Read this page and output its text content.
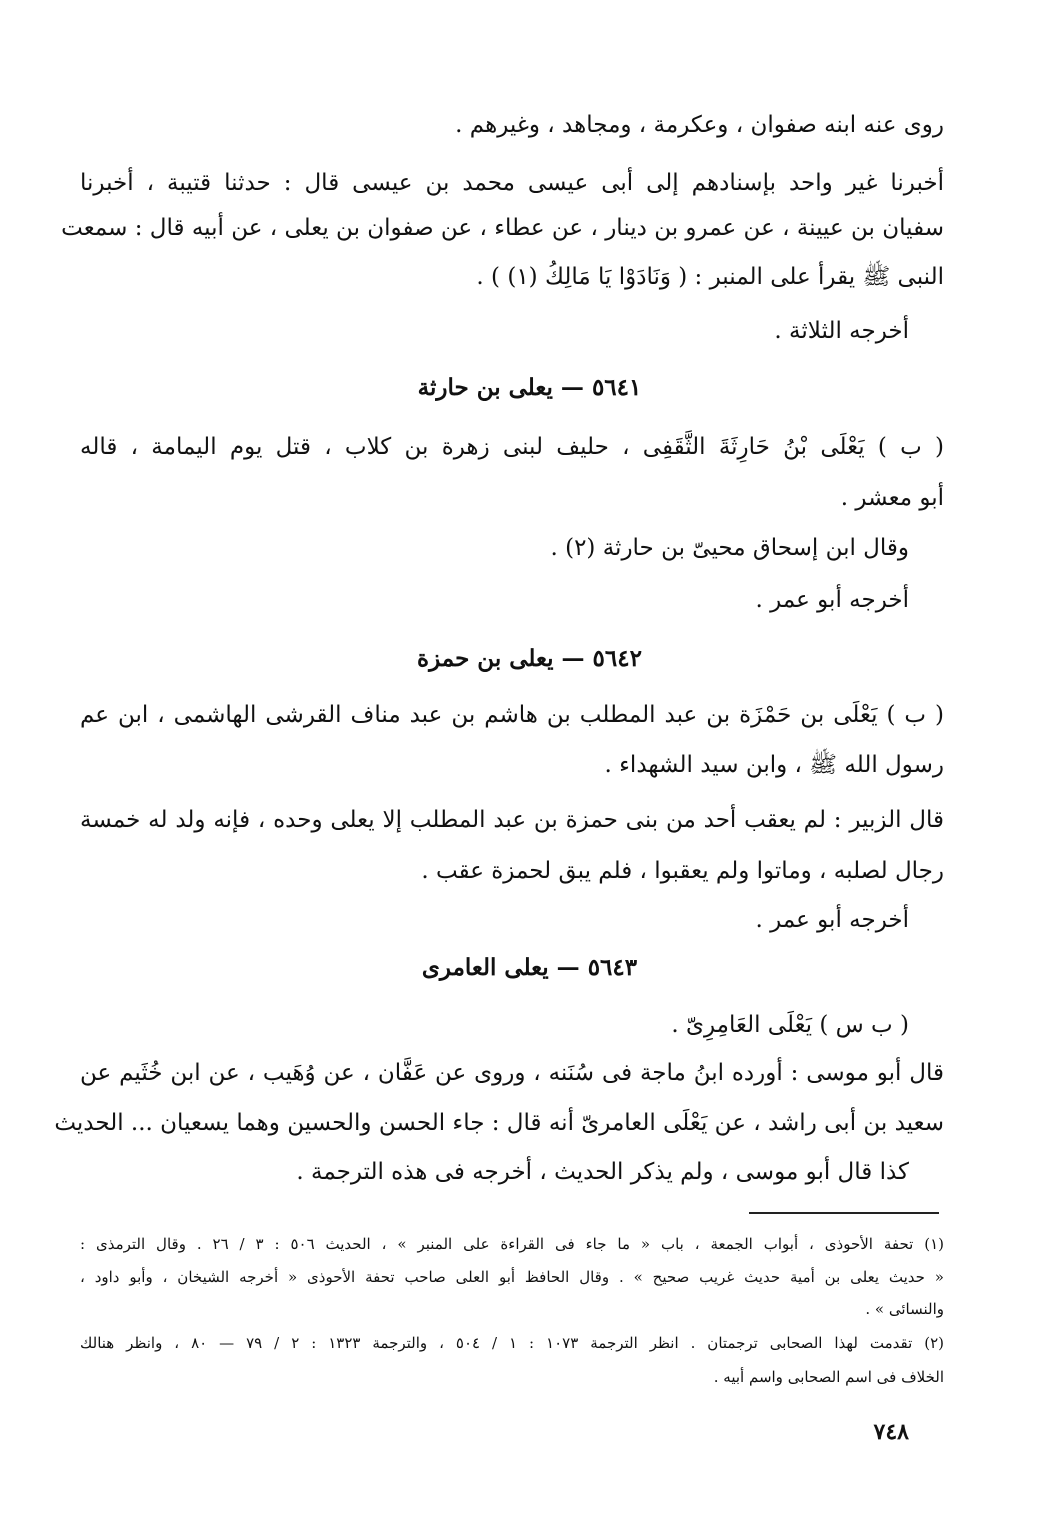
روى عنه ابنه صفوان ، وعكرمة ، ومجاهد ، وغيرهم .

أخبرنا غير واحد بإسنادهم إلى أبى عيسى محمد بن عيسى قال : حدثنا قتيبة ، أخبرنا

سفيان بن عيينة ، عن عمرو بن دينار ، عن عطاء ، عن صفوان بن يعلى ، عن أبيه قال : سمعت

النبى ﷺ يقرأ على المنبر : ( وَنَادَوْا يَا مَالِكُ (١) ) .

أخرجه الثلاثة .

٥٦٤١ — يعلى بن حارثة

( ب ) يَعْلَى بْنُ حَارِثَةَ الثَّقَفِى ، حليف لبنى زهرة بن كلاب ، قتل يوم اليمامة ، قاله

أبو معشر .

وقال ابن إسحاق محيىّ بن حارثة (٢) .

أخرجه أبو عمر .

٥٦٤٢ — يعلى بن حمزة

( ب ) يَعْلَى بن حَمْزَة بن عبد المطلب بن هاشم بن عبد مناف القرشى الهاشمى ، ابن عم

رسول الله ﷺ ، وابن سيد الشهداء .

قال الزبير : لم يعقب أحد من بنى حمزة بن عبد المطلب إلا يعلى وحده ، فإنه ولد له خمسة

رجال لصلبه ، وماتوا ولم يعقبوا ، فلم يبق لحمزة عقب .

أخرجه أبو عمر .

٥٦٤٣ — يعلى العامرى

( ب س ) يَعْلَى العَامِرِىّ .

قال أبو موسى : أورده ابنُ ماجة فى سُنَنه ، وروى عن عَفَّان ، عن وُهَيب ، عن ابن خُثَيم عن

سعيد بن أبى راشد ، عن يَعْلَى العامرىّ أنه قال : جاء الحسن والحسين وهما يسعيان ... الحديث

كذا قال أبو موسى ، ولم يذكر الحديث ، أخرجه فى هذه الترجمة .

(١) تحفة الأحوذى ، أبواب الجمعة ، باب « ما جاء فى القراءة على المنبر » ، الحديث ٥٠٦ : ٣ / ٢٦ . وقال الترمذى :

« حديث يعلى بن أمية حديث غريب صحيح » . وقال الحافظ أبو العلى صاحب تحفة الأحوذى « أخرجه الشيخان ، وأبو داود ،

والنسائى » .

(٢) تقدمت لهذا الصحابى ترجمتان . انظر الترجمة ١٠٧٣ : ١ / ٥٠٤ ، والترجمة ١٣٢٣ : ٢ / ٧٩ — ٨٠ ، وانظر هنالك

الخلاف فى اسم الصحابى واسم أبيه .

٧٤٨
